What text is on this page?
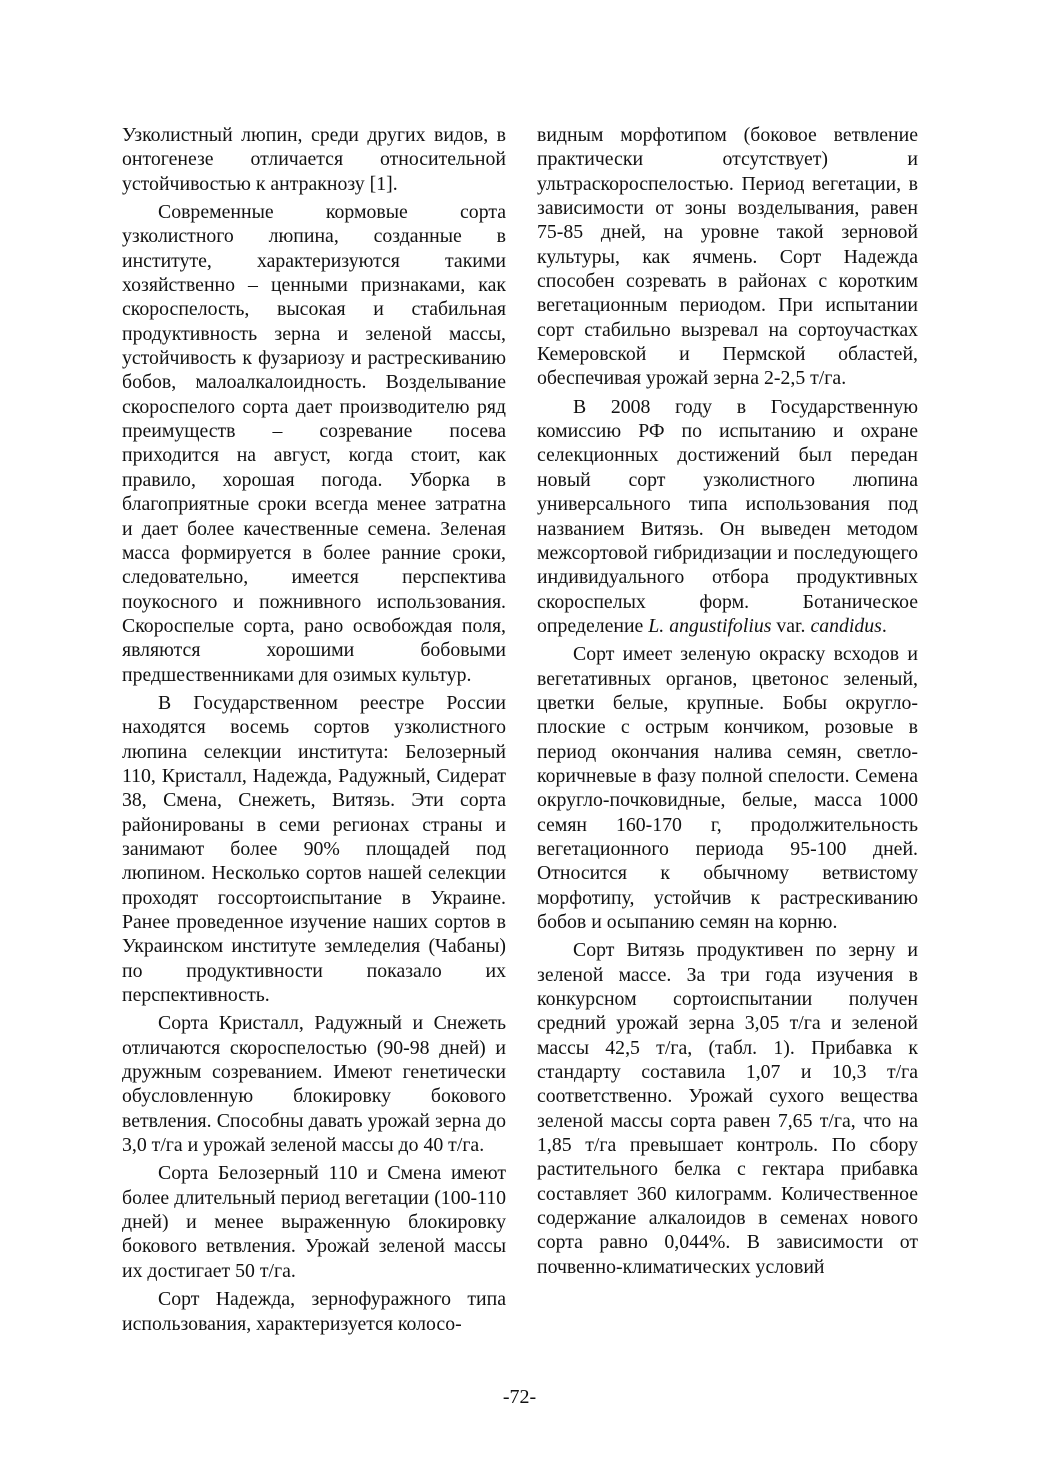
Узколистный люпин, среди других видов, в онтогенезе отличается относительной устойчивостью к антракнозу [1].

Современные кормовые сорта узколистного люпина, созданные в институте, характеризуются такими хозяйственно – ценными признаками, как скороспелость, высокая и стабильная продуктивность зерна и зеленой массы, устойчивость к фузариозу и растрескиванию бобов, малоалкалоидность. Возделывание скороспелого сорта дает производителю ряд преимуществ – созревание посева приходится на август, когда стоит, как правило, хорошая погода. Уборка в благоприятные сроки всегда менее затратна и дает более качественные семена. Зеленая масса формируется в более ранние сроки, следовательно, имеется перспектива поукосного и пожнивного использования. Скороспелые сорта, рано освобождая поля, являются хорошими бобовыми предшественниками для озимых культур.

В Государственном реестре России находятся восемь сортов узколистного люпина селекции института: Белозерный 110, Кристалл, Надежда, Радужный, Сидерат 38, Смена, Снежеть, Витязь. Эти сорта районированы в семи регионах страны и занимают более 90% площадей под люпином. Несколько сортов нашей селекции проходят госсортоиспытание в Украине. Ранее проведенное изучение наших сортов в Украинском институте земледелия (Чабаны) по продуктивности показало их перспективность.

Сорта Кристалл, Радужный и Снежеть отличаются скороспелостью (90-98 дней) и дружным созреванием. Имеют генетически обусловленную блокировку бокового ветвления. Способны давать урожай зерна до 3,0 т/га и урожай зеленой массы до 40 т/га.

Сорта Белозерный 110 и Смена имеют более длительный период вегетации (100-110 дней) и менее выраженную блокировку бокового ветвления. Урожай зеленой массы их достигает 50 т/га.

Сорт Надежда, зернофуражного типа использования, характеризуется колосо-

видным морфотипом (боковое ветвление практически отсутствует) и ультраскороспелостью. Период вегетации, в зависимости от зоны возделывания, равен 75-85 дней, на уровне такой зерновой культуры, как ячмень. Сорт Надежда способен созревать в районах с коротким вегетационным периодом. При испытании сорт стабильно вызревал на сортоучастках Кемеровской и Пермской областей, обеспечивая урожай зерна 2-2,5 т/га.

В 2008 году в Государственную комиссию РФ по испытанию и охране селекционных достижений был передан новый сорт узколистного люпина универсального типа использования под названием Витязь. Он выведен методом межсортовой гибридизации и последующего индивидуального отбора продуктивных скороспелых форм. Ботаническое определение L. angustifolius var. candidus.

Сорт имеет зеленую окраску всходов и вегетативных органов, цветонос зеленый, цветки белые, крупные. Бобы округло-плоские с острым кончиком, розовые в период окончания налива семян, светло-коричневые в фазу полной спелости. Семена округло-почковидные, белые, масса 1000 семян 160-170 г, продолжительность вегетационного периода 95-100 дней. Относится к обычному ветвистому морфотипу, устойчив к растрескиванию бобов и осыпанию семян на корню.

Сорт Витязь продуктивен по зерну и зеленой массе. За три года изучения в конкурсном сортоиспытании получен средний урожай зерна 3,05 т/га и зеленой массы 42,5 т/га, (табл. 1). Прибавка к стандарту составила 1,07 и 10,3 т/га соответственно. Урожай сухого вещества зеленой массы сорта равен 7,65 т/га, что на 1,85 т/га превышает контроль. По сбору растительного белка с гектара прибавка составляет 360 килограмм. Количественное содержание алкалоидов в семенах нового сорта равно 0,044%. В зависимости от почвенно-климатических условий

-72-
